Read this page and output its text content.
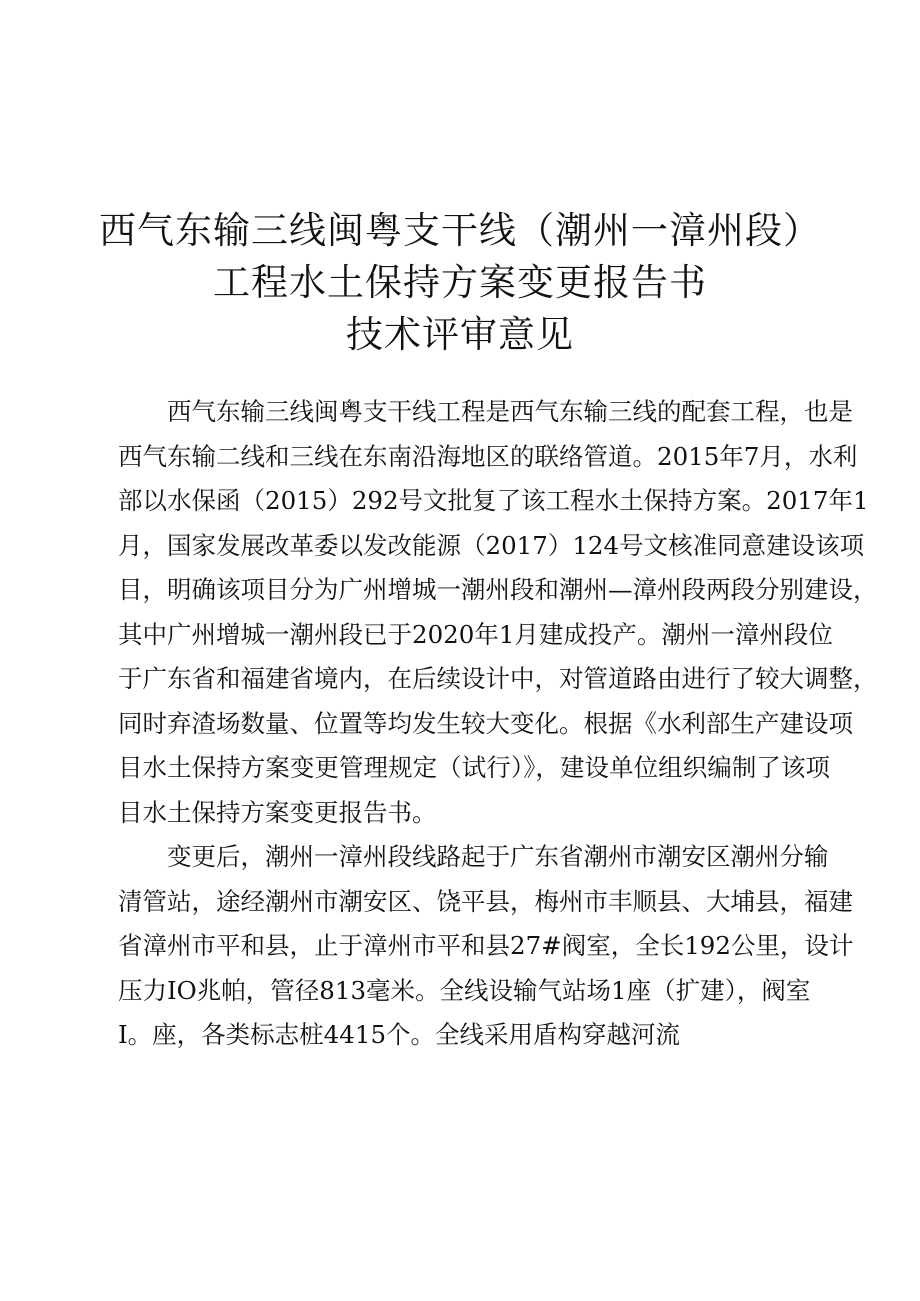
西气东输三线闽粤支干线（潮州一漳州段）
工程水土保持方案变更报告书
技术评审意见
西气东输三线闽粤支干线工程是西气东输三线的配套工程，也是
西气东输二线和三线在东南沿海地区的联络管道。2015年7月，水利
部以水保函（2015）292号文批复了该工程水土保持方案。2017年1
月，国家发展改革委以发改能源（2017）124号文核准同意建设该项
目，明确该项目分为广州增城一潮州段和潮州—漳州段两段分别建设，
其中广州增城一潮州段已于2020年1月建成投产。潮州一漳州段位
于广东省和福建省境内，在后续设计中，对管道路由进行了较大调整，
同时弃渣场数量、位置等均发生较大变化。根据《水利部生产建设项
目水土保持方案变更管理规定（试行）》，建设单位组织编制了该项
目水土保持方案变更报告书。
变更后，潮州一漳州段线路起于广东省潮州市潮安区潮州分输
清管站，途经潮州市潮安区、饶平县，梅州市丰顺县、大埔县，福建
省漳州市平和县，止于漳州市平和县27#阀室，全长192公里，设计
压力IO兆帕，管径813毫米。全线设输气站场1座（扩建），阀室
I。座，各类标志桩4415个。全线采用盾构穿越河流
